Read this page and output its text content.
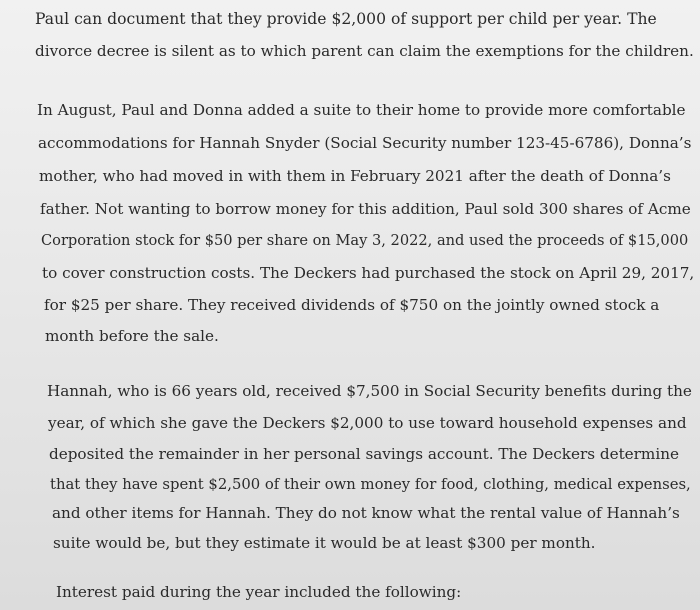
Paul can document that they provide $2,000 of support per child per year. The
divorce decree is silent as to which parent can claim the exemptions for the children.
In August, Paul and Donna added a suite to their home to provide more comfortable
accommodations for Hannah Snyder (Social Security number 123-45-6786), Donna’s
mother, who had moved in with them in February 2021 after the death of Donna’s
father. Not wanting to borrow money for this addition, Paul sold 300 shares of Acme
Corporation stock for $50 per share on May 3, 2022, and used the proceeds of $15,000
to cover construction costs. The Deckers had purchased the stock on April 29, 2017,
for $25 per share. They received dividends of $750 on the jointly owned stock a
month before the sale.
Hannah, who is 66 years old, received $7,500 in Social Security benefits during the
year, of which she gave the Deckers $2,000 to use toward household expenses and
deposited the remainder in her personal savings account. The Deckers determine
that they have spent $2,500 of their own money for food, clothing, medical expenses,
and other items for Hannah. They do not know what the rental value of Hannah’s
suite would be, but they estimate it would be at least $300 per month.
Interest paid during the year included the following:
